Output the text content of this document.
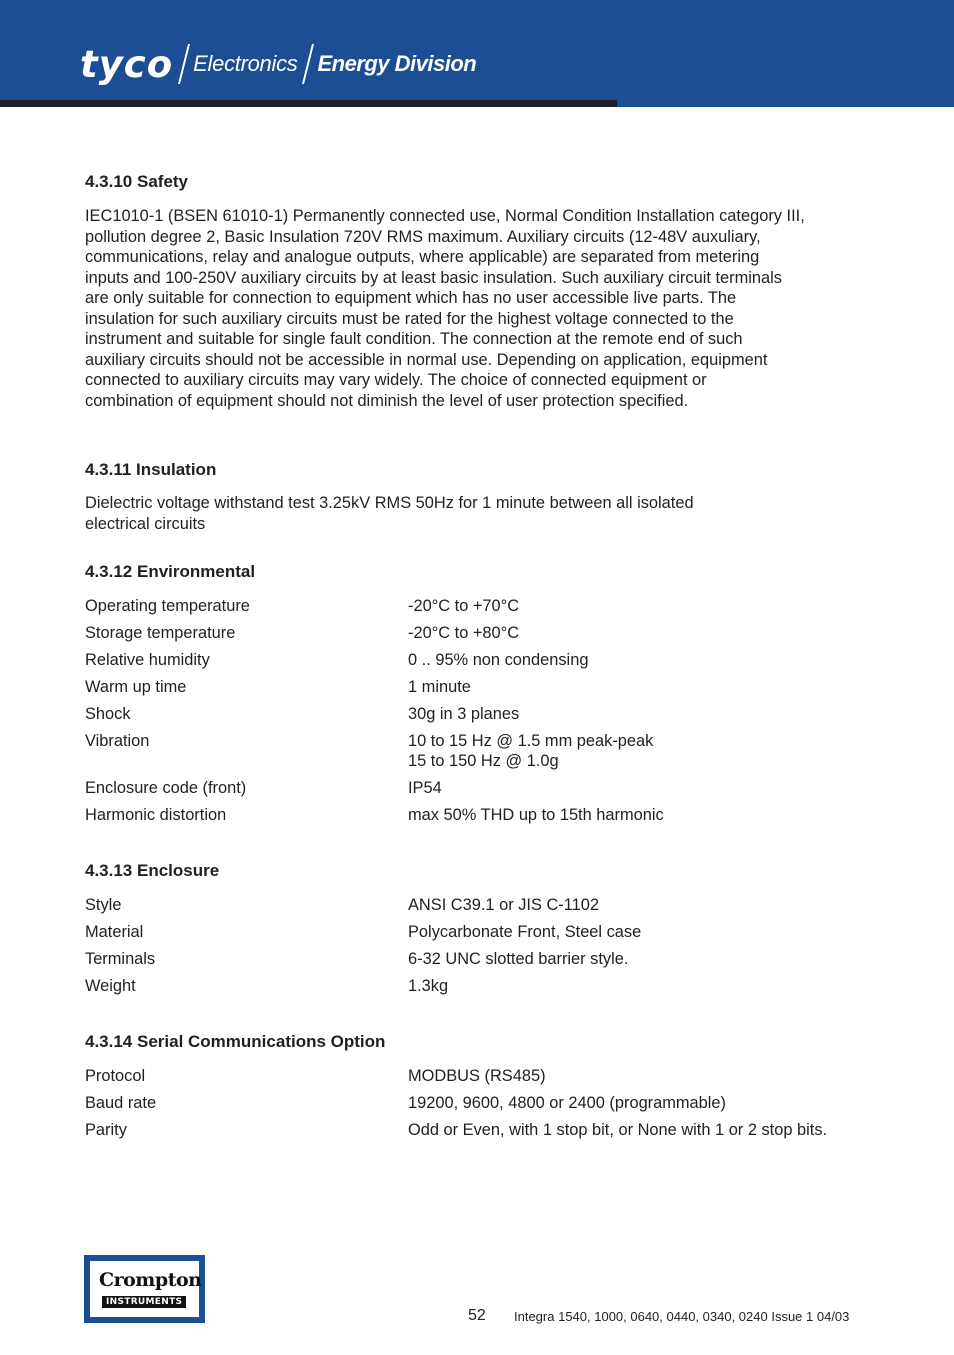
tyco Electronics Energy Division
4.3.10 Safety
IEC1010-1 (BSEN 61010-1) Permanently connected use, Normal Condition Installation category III,
pollution degree 2, Basic Insulation 720V RMS maximum. Auxiliary circuits (12-48V auxuliary,
communications, relay and analogue outputs, where applicable) are separated from metering
inputs and 100-250V auxiliary circuits by at least basic insulation. Such auxiliary circuit terminals
are only suitable for connection to equipment which has no user accessible live parts. The
insulation for such auxiliary circuits must be rated for the highest voltage connected to the
instrument and suitable for single fault condition. The connection at the remote end of such
auxiliary circuits should not be accessible in normal use. Depending on application, equipment
connected to auxiliary circuits may vary widely. The choice of connected equipment or
combination of equipment should not diminish the level of user protection specified.
4.3.11 Insulation
Dielectric voltage withstand test 3.25kV RMS 50Hz for 1 minute between all isolated
electrical circuits
4.3.12 Environmental
Operating temperature	-20°C to +70°C
Storage temperature	-20°C to +80°C
Relative humidity	0 .. 95% non condensing
Warm up time	1 minute
Shock	30g in 3 planes
Vibration	10 to 15 Hz @ 1.5 mm peak-peak
15 to 150 Hz @ 1.0g
Enclosure code (front)	IP54
Harmonic distortion	max 50% THD up to 15th harmonic
4.3.13 Enclosure
Style	ANSI C39.1 or JIS C-1102
Material	Polycarbonate Front, Steel case
Terminals	6-32 UNC slotted barrier style.
Weight	1.3kg
4.3.14 Serial Communications Option
Protocol	MODBUS (RS485)
Baud rate	19200, 9600, 4800 or 2400 (programmable)
Parity	Odd or Even, with 1 stop bit, or None with 1 or 2 stop bits.
Crompton
INSTRUMENTS
52 Integra 1540, 1000, 0640, 0440, 0340, 0240 Issue 1 04/03
